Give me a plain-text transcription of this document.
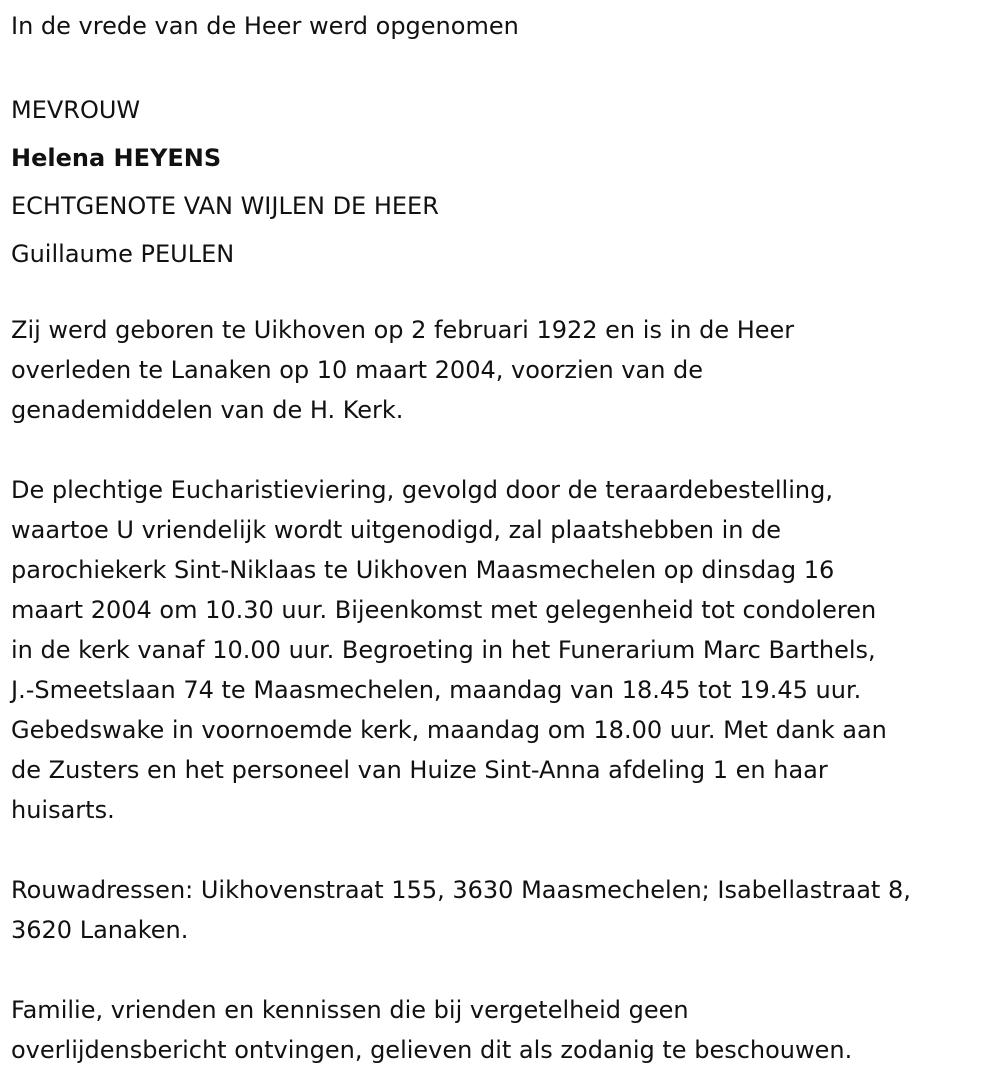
In de vrede van de Heer werd opgenomen
MEVROUW
Helena HEYENS
ECHTGENOTE VAN WIJLEN DE HEER
Guillaume PEULEN
Zij werd geboren te Uikhoven op 2 februari 1922 en is in de Heer
overleden te Lanaken op 10 maart 2004, voorzien van de
genademiddelen van de H. Kerk.
De plechtige Eucharistieviering, gevolgd door de teraardebestelling,
waartoe U vriendelijk wordt uitgenodigd, zal plaatshebben in de
parochiekerk Sint-Niklaas te Uikhoven Maasmechelen op dinsdag 16
maart 2004 om 10.30 uur. Bijeenkomst met gelegenheid tot condoleren
in de kerk vanaf 10.00 uur. Begroeting in het Funerarium Marc Barthels,
J.-Smeetslaan 74 te Maasmechelen, maandag van 18.45 tot 19.45 uur.
Gebedswake in voornoemde kerk, maandag om 18.00 uur. Met dank aan
de Zusters en het personeel van Huize Sint-Anna afdeling 1 en haar
huisarts.
Rouwadressen: Uikhovenstraat 155, 3630 Maasmechelen; Isabellastraat 8,
3620 Lanaken.
Familie, vrienden en kennissen die bij vergetelheid geen
overlijdensbericht ontvingen, gelieven dit als zodanig te beschouwen.
